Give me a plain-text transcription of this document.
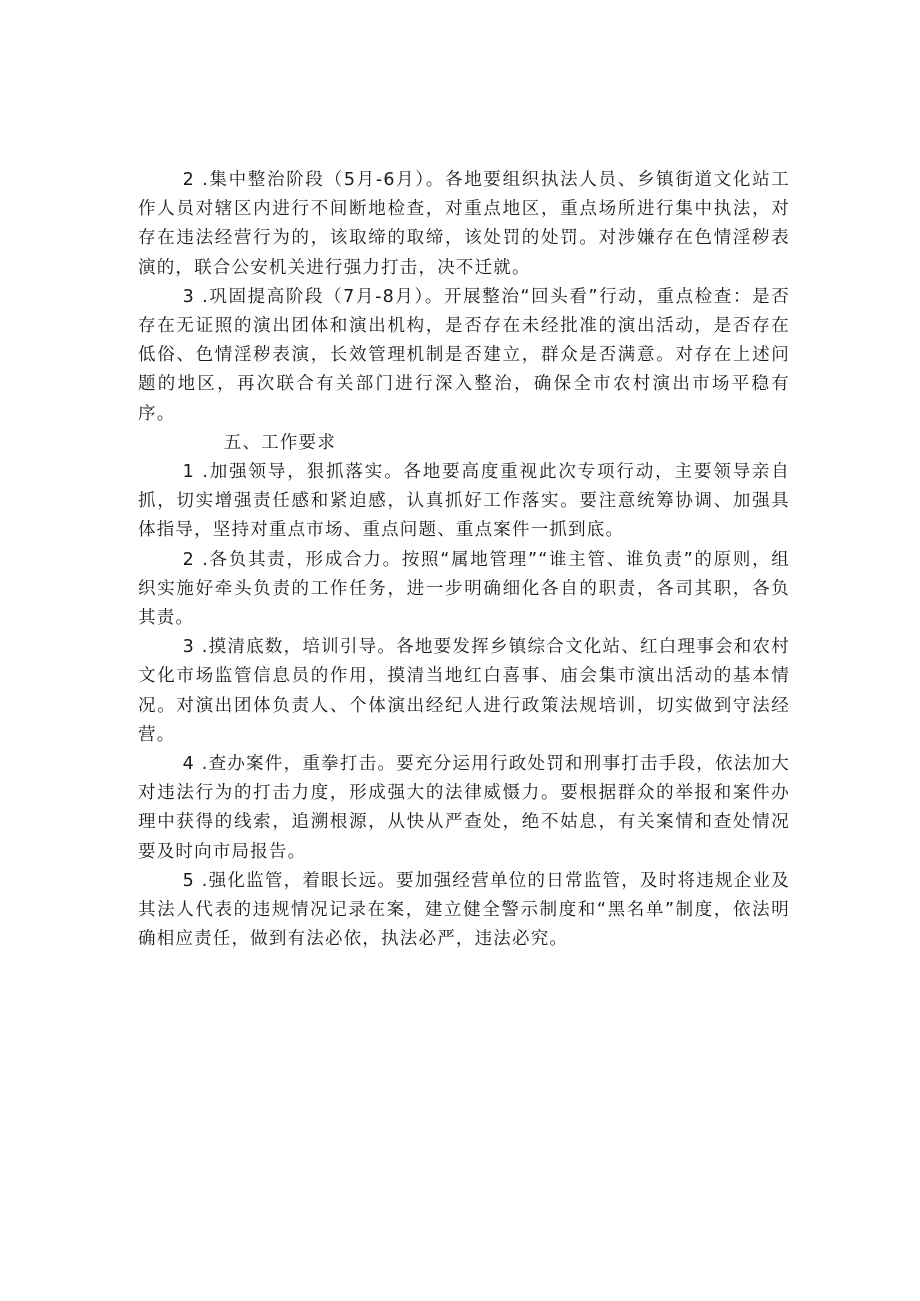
2 .集中整治阶段（5月-6月）。各地要组织执法人员、乡镇街道文化站工作人员对辖区内进行不间断地检查，对重点地区，重点场所进行集中执法，对存在违法经营行为的，该取缔的取缔，该处罚的处罚。对涉嫌存在色情淫秽表演的，联合公安机关进行强力打击，决不迁就。

3 .巩固提高阶段（7月-8月）。开展整治“回头看”行动，重点检查：是否存在无证照的演出团体和演出机构，是否存在未经批准的演出活动，是否存在低俗、色情淫秽表演，长效管理机制是否建立，群众是否满意。对存在上述问题的地区，再次联合有关部门进行深入整治，确保全市农村演出市场平稳有序。

五、工作要求

1 .加强领导，狠抓落实。各地要高度重视此次专项行动，主要领导亲自抓，切实增强责任感和紧迫感，认真抓好工作落实。要注意统筹协调、加强具体指导，坚持对重点市场、重点问题、重点案件一抓到底。

2 .各负其责，形成合力。按照“属地管理”“谁主管、谁负责”的原则，组织实施好牵头负责的工作任务，进一步明确细化各自的职责，各司其职，各负其责。

3 .摸清底数，培训引导。各地要发挥乡镇综合文化站、红白理事会和农村文化市场监管信息员的作用，摸清当地红白喜事、庙会集市演出活动的基本情况。对演出团体负责人、个体演出经纪人进行政策法规培训，切实做到守法经营。

4 .查办案件，重拳打击。要充分运用行政处罚和刑事打击手段，依法加大对违法行为的打击力度，形成强大的法律威慑力。要根据群众的举报和案件办理中获得的线索，追溯根源，从快从严查处，绝不姑息，有关案情和查处情况要及时向市局报告。

5 .强化监管，着眼长远。要加强经营单位的日常监管，及时将违规企业及其法人代表的违规情况记录在案，建立健全警示制度和“黑名单”制度，依法明确相应责任，做到有法必依，执法必严，违法必究。
